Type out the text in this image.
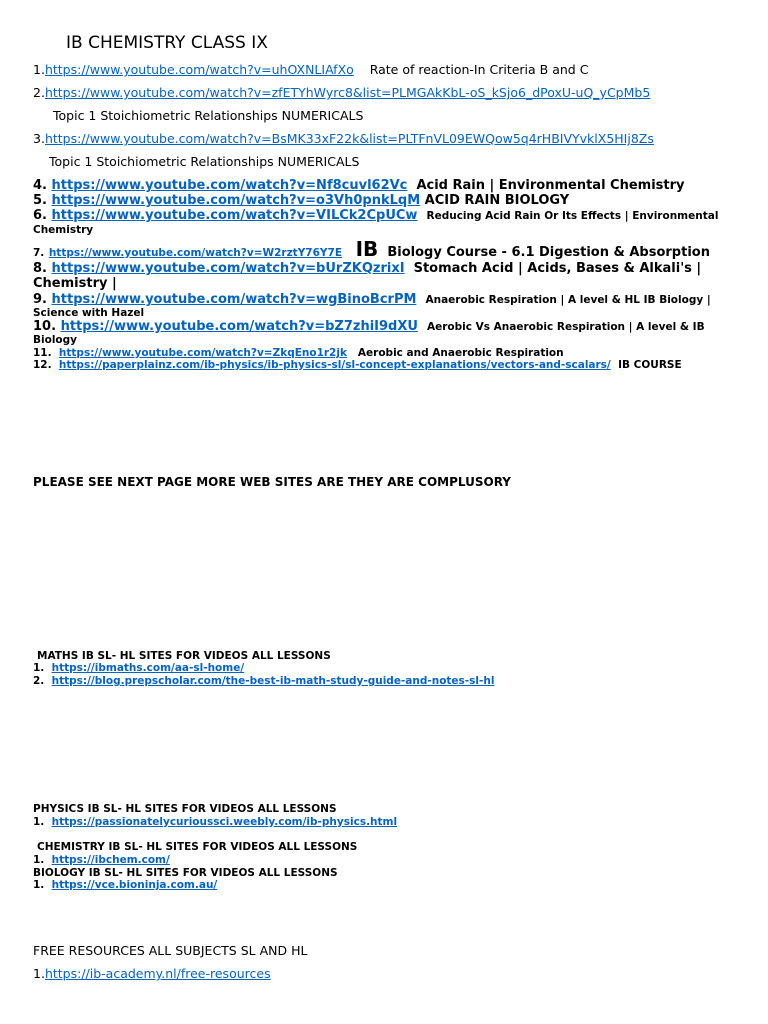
IB CHEMISTRY CLASS IX
1.https://www.youtube.com/watch?v=uhOXNLIAfXo Rate of reaction-In Criteria B and C
2.https://www.youtube.com/watch?v=zfETYhWyrc8&list=PLMGAkKbL-oS_kSjo6_dPoxU-uQ_yCpMb5
Topic 1 Stoichiometric Relationships NUMERICALS
3.https://www.youtube.com/watch?v=BsMK33xF22k&list=PLTFnVL09EWQow5q4rHBIVYvklX5HIj8Zs
Topic 1 Stoichiometric Relationships NUMERICALS
4. https://www.youtube.com/watch?v=Nf8cuvl62Vc Acid Rain | Environmental Chemistry
5. https://www.youtube.com/watch?v=o3Vh0pnkLqM ACID RAIN BIOLOGY
6. https://www.youtube.com/watch?v=VILCk2CpUCw Reducing Acid Rain Or Its Effects | Environmental
Chemistry
7. https://www.youtube.com/watch?v=W2rztY76Y7E IB Biology Course - 6.1 Digestion & Absorption
8. https://www.youtube.com/watch?v=bUrZKQzrixI Stomach Acid | Acids, Bases & Alkali's |
Chemistry |
9. https://www.youtube.com/watch?v=wgBinoBcrPM Anaerobic Respiration | A level & HL IB Biology |
Science with Hazel
10. https://www.youtube.com/watch?v=bZ7zhiI9dXU Aerobic Vs Anaerobic Respiration | A level & IB
Biology
11. https://www.youtube.com/watch?v=ZkqEno1r2jk Aerobic and Anaerobic Respiration
12. https://paperplainz.com/ib-physics/ib-physics-sl/sl-concept-explanations/vectors-and-scalars/ IB COURSE
PLEASE SEE NEXT PAGE MORE WEB SITES ARE THEY ARE COMPLUSORY
MATHS IB SL- HL SITES FOR VIDEOS ALL LESSONS
1. https://ibmaths.com/aa-sl-home/
2. https://blog.prepscholar.com/the-best-ib-math-study-guide-and-notes-sl-hl
PHYSICS IB SL- HL SITES FOR VIDEOS ALL LESSONS
1. https://passionatelycurioussci.weebly.com/ib-physics.html
CHEMISTRY IB SL- HL SITES FOR VIDEOS ALL LESSONS
1. https://ibchem.com/
BIOLOGY IB SL- HL SITES FOR VIDEOS ALL LESSONS
1. https://vce.bioninja.com.au/
FREE RESOURCES ALL SUBJECTS SL AND HL
1.https://ib-academy.nl/free-resources
